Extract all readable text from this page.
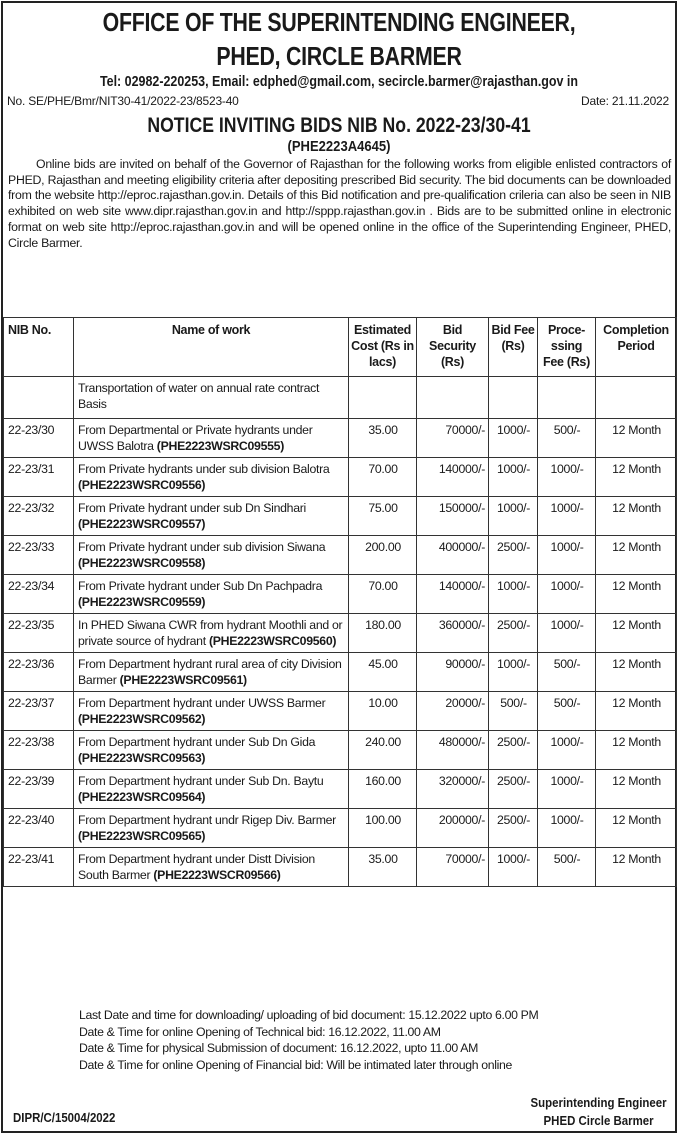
OFFICE OF THE SUPERINTENDING ENGINEER,
PHED, CIRCLE BARMER
Tel: 02982-220253, Email: edphed@gmail.com, secircle.barmer@rajasthan.gov in
No. SE/PHE/Bmr/NIT30-41/2022-23/8523-40	Date: 21.11.2022
NOTICE INVITING BIDS NIB No. 2022-23/30-41
(PHE2223A4645)

Online bids are invited on behalf of the Governor of Rajasthan for the following works from eligible enlisted contractors of PHED, Rajasthan and meeting eligibility criteria after depositing prescribed Bid security. The bid documents can be downloaded from the website http://eproc.rajasthan.gov.in. Details of this Bid notification and pre-qualification crileria can also be seen in NIB exhibited on web site www.dipr.rajasthan.gov.in and http://sppp.rajasthan.gov.in . Bids are to be submitted online in electronic format on web site http://eproc.rajasthan.gov.in and will be opened online in the office of the Superintending Engineer, PHED, Circle Barmer.

NIB No.	Name of work	Estimated Cost (Rs in lacs)	Bid Security (Rs)	Bid Fee (Rs)	Proce- ssing Fee (Rs)	Completion Period
	Transportation of water on annual rate contract Basis					
22-23/30	From Departmental or Private hydrants under UWSS Balotra (PHE2223WSRC09555)	35.00	70000/-	1000/-	500/-	12 Month
22-23/31	From Private hydrants under sub division Balotra (PHE2223WSRC09556)	70.00	140000/-	1000/-	1000/-	12 Month
22-23/32	From Private hydrant under sub Dn Sindhari (PHE2223WSRC09557)	75.00	150000/-	1000/-	1000/-	12 Month
22-23/33	From Private hydrant under sub division Siwana (PHE2223WSRC09558)	200.00	400000/-	2500/-	1000/-	12 Month
22-23/34	From Private hydrant under Sub Dn Pachpadra (PHE2223WSRC09559)	70.00	140000/-	1000/-	1000/-	12 Month
22-23/35	In PHED Siwana CWR from hydrant Moothli and or private source of hydrant (PHE2223WSRC09560)	180.00	360000/-	2500/-	1000/-	12 Month
22-23/36	From Department hydrant rural area of city Division Barmer (PHE2223WSRC09561)	45.00	90000/-	1000/-	500/-	12 Month
22-23/37	From Department hydrant under UWSS Barmer (PHE2223WSRC09562)	10.00	20000/-	500/-	500/-	12 Month
22-23/38	From Department hydrant under Sub Dn Gida (PHE2223WSRC09563)	240.00	480000/-	2500/-	1000/-	12 Month
22-23/39	From Department hydrant under Sub Dn. Baytu (PHE2223WSRC09564)	160.00	320000/-	2500/-	1000/-	12 Month
22-23/40	From Department hydrant undr Rigep Div. Barmer (PHE2223WSRC09565)	100.00	200000/-	2500/-	1000/-	12 Month
22-23/41	From Department hydrant under Distt Division South Barmer (PHE2223WSCR09566)	35.00	70000/-	1000/-	500/-	12 Month
Last Date and time for downloading/ uploading of bid document: 15.12.2022 upto 6.00 PM
Date & Time for online Opening of Technical bid: 16.12.2022, 11.00 AM
Date & Time for physical Submission of document: 16.12.2022, upto 11.00 AM
Date & Time for online Opening of Financial bid: Will be intimated later through online
DIPR/C/15004/2022
Superintending Engineer
PHED Circle Barmer
